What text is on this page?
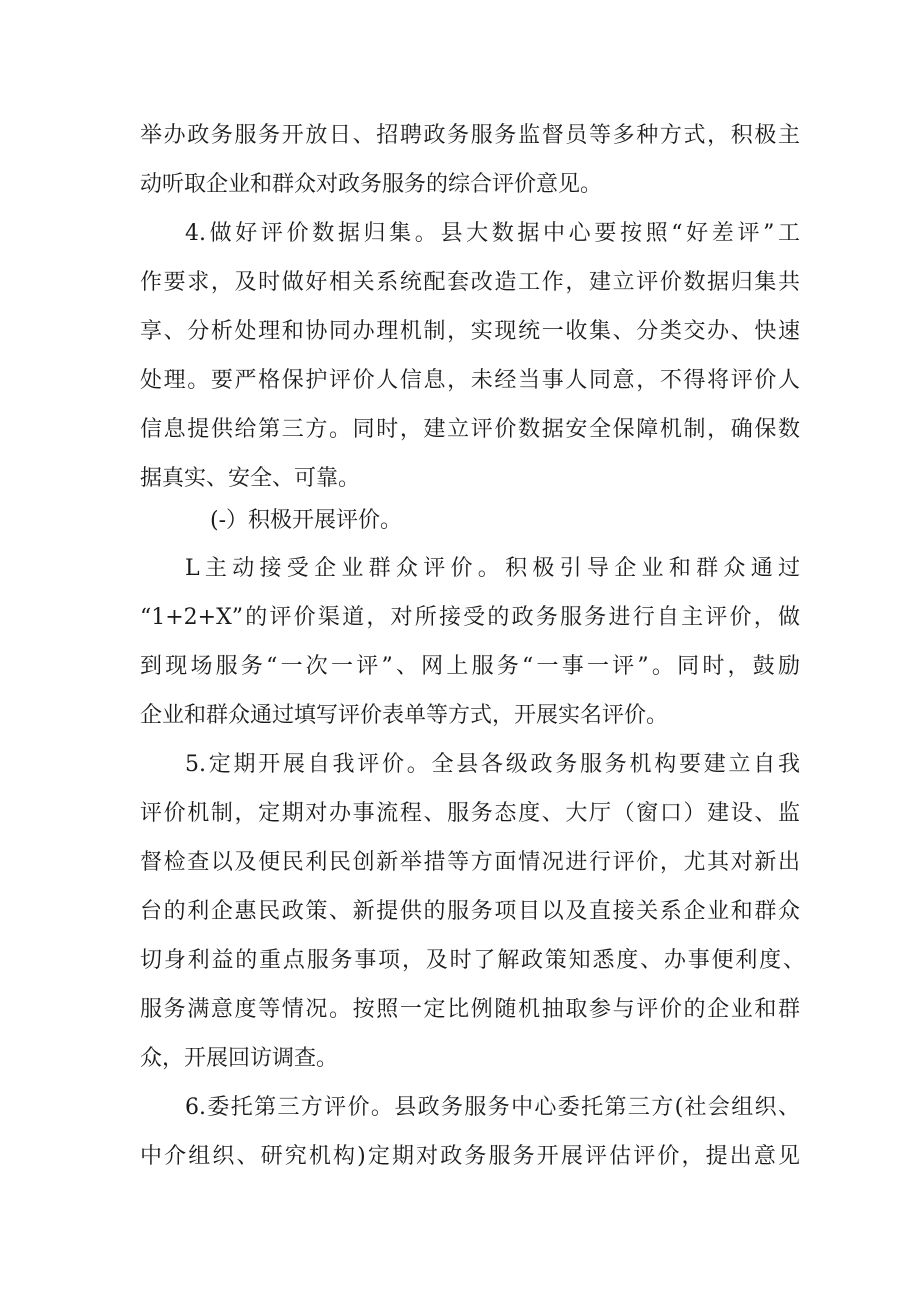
举办政务服务开放日、招聘政务服务监督员等多种方式，积极主
动听取企业和群众对政务服务的综合评价意见。
4.做好评价数据归集。县大数据中心要按照“好差评”工
作要求，及时做好相关系统配套改造工作，建立评价数据归集共
享、分析处理和协同办理机制，实现统一收集、分类交办、快速
处理。要严格保护评价人信息，未经当事人同意，不得将评价人
信息提供给第三方。同时，建立评价数据安全保障机制，确保数
据真实、安全、可靠。
(-）积极开展评价。
L主动接受企业群众评价。积极引导企业和群众通过
“1+2+X”的评价渠道，对所接受的政务服务进行自主评价，做
到现场服务“一次一评”、网上服务“一事一评”。同时，鼓励
企业和群众通过填写评价表单等方式，开展实名评价。
5.定期开展自我评价。全县各级政务服务机构要建立自我
评价机制，定期对办事流程、服务态度、大厅（窗口）建设、监
督检查以及便民利民创新举措等方面情况进行评价，尤其对新出
台的利企惠民政策、新提供的服务项目以及直接关系企业和群众
切身利益的重点服务事项，及时了解政策知悉度、办事便利度、
服务满意度等情况。按照一定比例随机抽取参与评价的企业和群
众，开展回访调查。
6.委托第三方评价。县政务服务中心委托第三方(社会组织、
中介组织、研究机构)定期对政务服务开展评估评价，提出意见
